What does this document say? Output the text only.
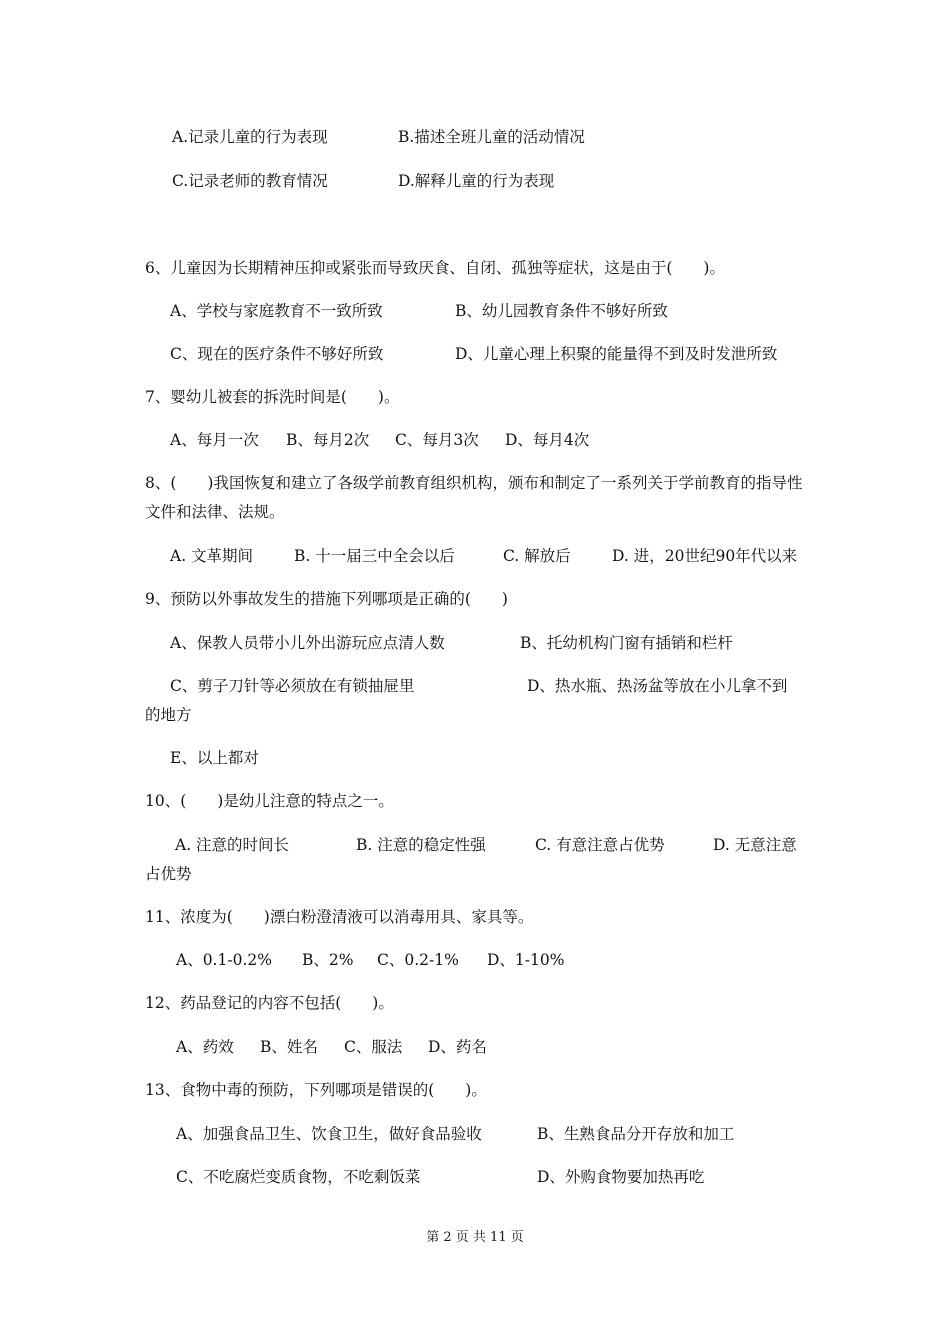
A.记录儿童的行为表现	B.描述全班儿童的活动情况
C.记录老师的教育情况	D.解释儿童的行为表现
6、儿童因为长期精神压抑或紧张而导致厌食、自闭、孤独等症状，这是由于(　　)。
A、学校与家庭教育不一致所致	B、幼儿园教育条件不够好所致
C、现在的医疗条件不够好所致	D、儿童心理上积聚的能量得不到及时发泄所致
7、婴幼儿被套的拆洗时间是(　　)。
A、每月一次 B、每月2次 C、每月3次 D、每月4次
8、(　　)我国恢复和建立了各级学前教育组织机构，颁布和制定了一系列关于学前教育的指导性文件和法律、法规。
A. 文革期间	B. 十一届三中全会以后	C. 解放后	D. 进，20世纪90年代以来
9、预防以外事故发生的措施下列哪项是正确的(　　)
A、保教人员带小儿外出游玩应点清人数	B、托幼机构门窗有插销和栏杆
C、剪子刀针等必须放在有锁抽屉里	D、热水瓶、热汤盆等放在小儿拿不到
的地方
E、以上都对
10、(　　)是幼儿注意的特点之一。
A. 注意的时间长	B. 注意的稳定性强	C. 有意注意占优势	D. 无意注意
占优势
11、浓度为(　　)漂白粉澄清液可以消毒用具、家具等。
A、0.1-0.2% B、2% C、0.2-1% D、1-10%
12、药品登记的内容不包括(　　)。
A、药效 B、姓名 C、服法 D、药名
13、食物中毒的预防，下列哪项是错误的(　　)。
A、加强食品卫生、饮食卫生，做好食品验收	B、生熟食品分开存放和加工
C、不吃腐烂变质食物，不吃剩饭菜	D、外购食物要加热再吃
第 2 页 共 11 页
